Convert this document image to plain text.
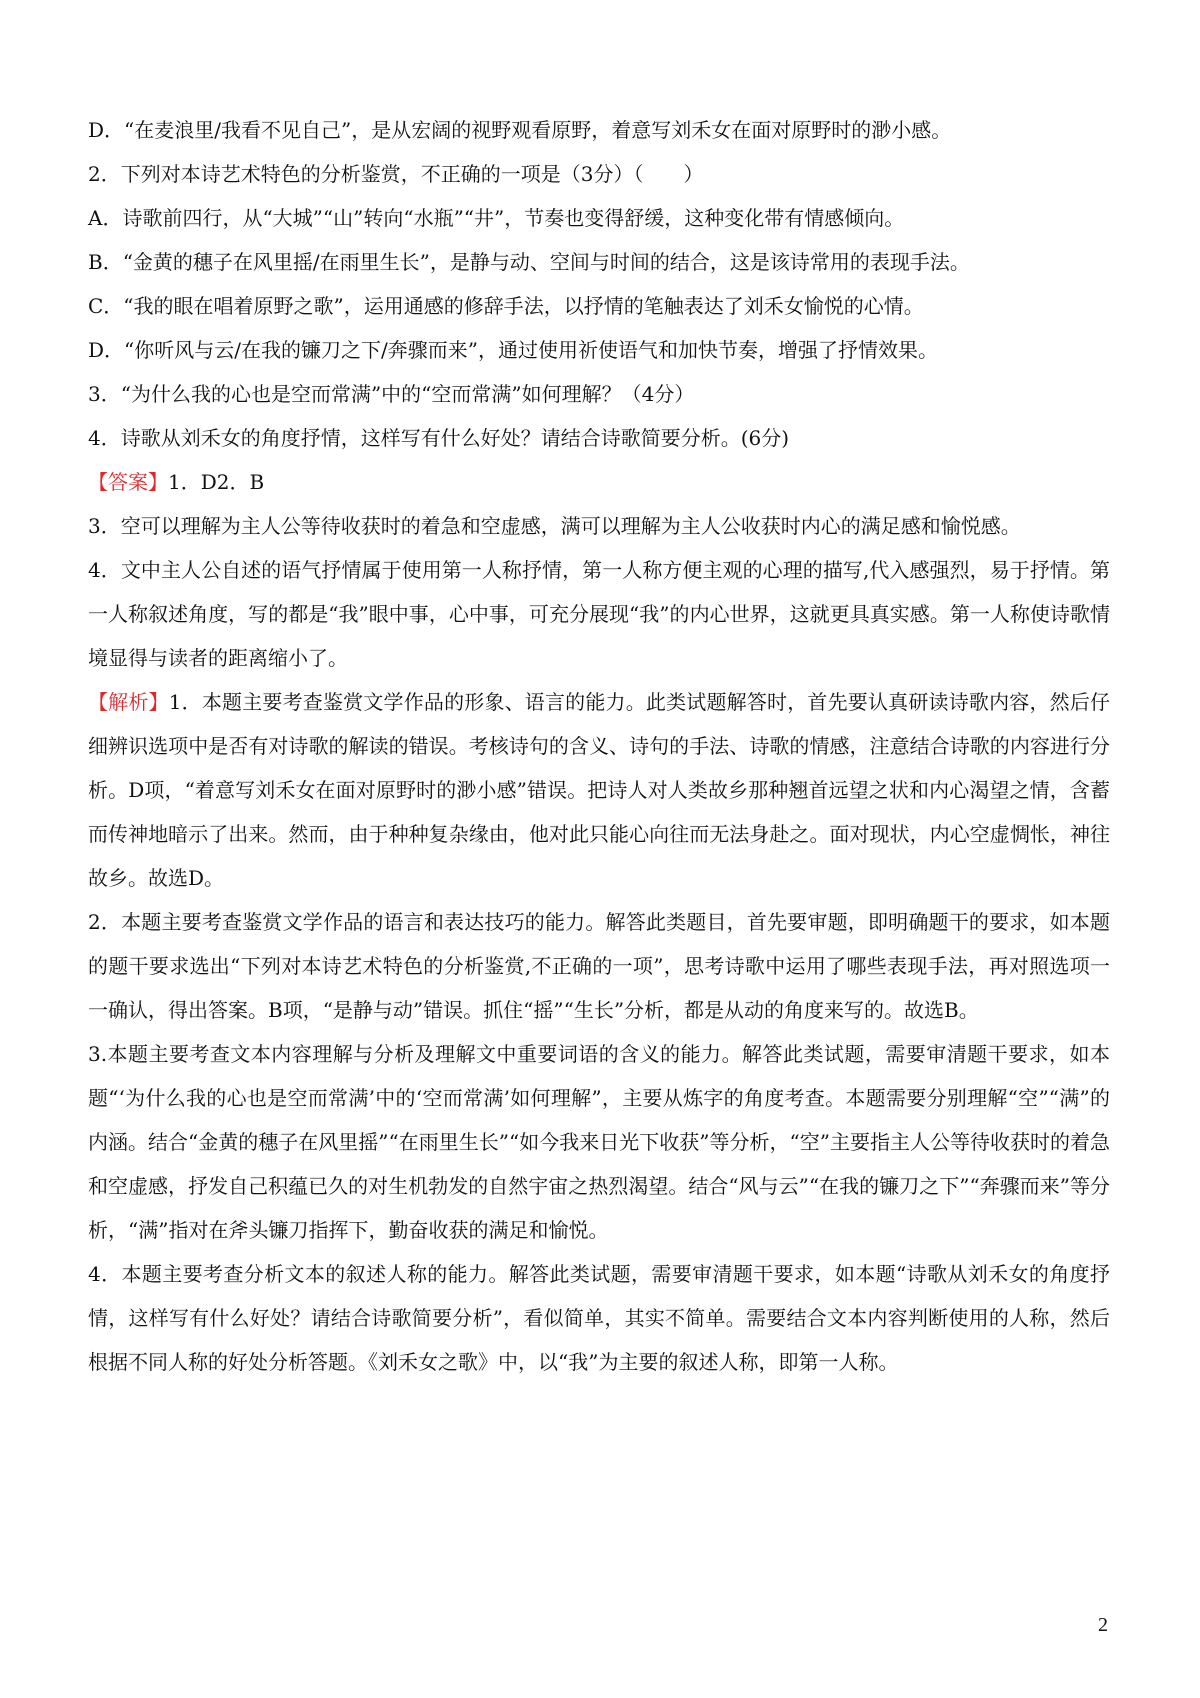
D．“在麦浪里/我看不见自己”，是从宏阔的视野观看原野，着意写刘禾女在面对原野时的渺小感。

2．下列对本诗艺术特色的分析鉴赏，不正确的一项是（3分）（　　）

A．诗歌前四行，从“大城”“山”转向“水瓶”“井”，节奏也变得舒缓，这种变化带有情感倾向。

B．“金黄的穗子在风里摇/在雨里生长”，是静与动、空间与时间的结合，这是该诗常用的表现手法。

C．“我的眼在唱着原野之歌”，运用通感的修辞手法，以抒情的笔触表达了刘禾女愉悦的心情。

D．“你听风与云/在我的镰刀之下/奔骤而来”，通过使用祈使语气和加快节奏，增强了抒情效果。

3．“为什么我的心也是空而常满”中的“空而常满”如何理解？（4分）

4．诗歌从刘禾女的角度抒情，这样写有什么好处？请结合诗歌简要分析。(6分)

【答案】1．D2．B

3．空可以理解为主人公等待收获时的着急和空虚感，满可以理解为主人公收获时内心的满足感和愉悦感。

4．文中主人公自述的语气抒情属于使用第一人称抒情，第一人称方便主观的心理的描写,代入感强烈，易于抒情。第一人称叙述角度，写的都是“我”眼中事，心中事，可充分展现“我”的内心世界，这就更具真实感。第一人称使诗歌情境显得与读者的距离缩小了。

【解析】1．本题主要考查鉴赏文学作品的形象、语言的能力。此类试题解答时，首先要认真研读诗歌内容，然后仔细辨识选项中是否有对诗歌的解读的错误。考核诗句的含义、诗句的手法、诗歌的情感，注意结合诗歌的内容进行分析。D项，“着意写刘禾女在面对原野时的渺小感”错误。把诗人对人类故乡那种翘首远望之状和内心渴望之情，含蓄而传神地暗示了出来。然而，由于种种复杂缘由，他对此只能心向往而无法身赴之。面对现状，内心空虚惆怅，神往故乡。故选D。

2．本题主要考查鉴赏文学作品的语言和表达技巧的能力。解答此类题目，首先要审题，即明确题干的要求，如本题的题干要求选出“下列对本诗艺术特色的分析鉴赏,不正确的一项”，思考诗歌中运用了哪些表现手法，再对照选项一一确认，得出答案。B项，“是静与动”错误。抓住“摇”“生长”分析，都是从动的角度来写的。故选B。

3.本题主要考查文本内容理解与分析及理解文中重要词语的含义的能力。解答此类试题，需要审清题干要求，如本题“‘为什么我的心也是空而常满’中的‘空而常满’如何理解”，主要从炼字的角度考查。本题需要分别理解“空”“满”的内涵。结合“金黄的穗子在风里摇”“在雨里生长”“如今我来日光下收获”等分析，“空”主要指主人公等待收获时的着急和空虚感，抒发自己积蕴已久的对生机勃发的自然宇宙之热烈渴望。结合“风与云”“在我的镰刀之下”“奔骤而来”等分析，“满”指对在斧头镰刀指挥下，勤奋收获的满足和愉悦。

4．本题主要考查分析文本的叙述人称的能力。解答此类试题，需要审清题干要求，如本题“诗歌从刘禾女的角度抒情，这样写有什么好处？请结合诗歌简要分析”，看似简单，其实不简单。需要结合文本内容判断使用的人称，然后根据不同人称的好处分析答题。《刘禾女之歌》中，以“我”为主要的叙述人称，即第一人称。

2
